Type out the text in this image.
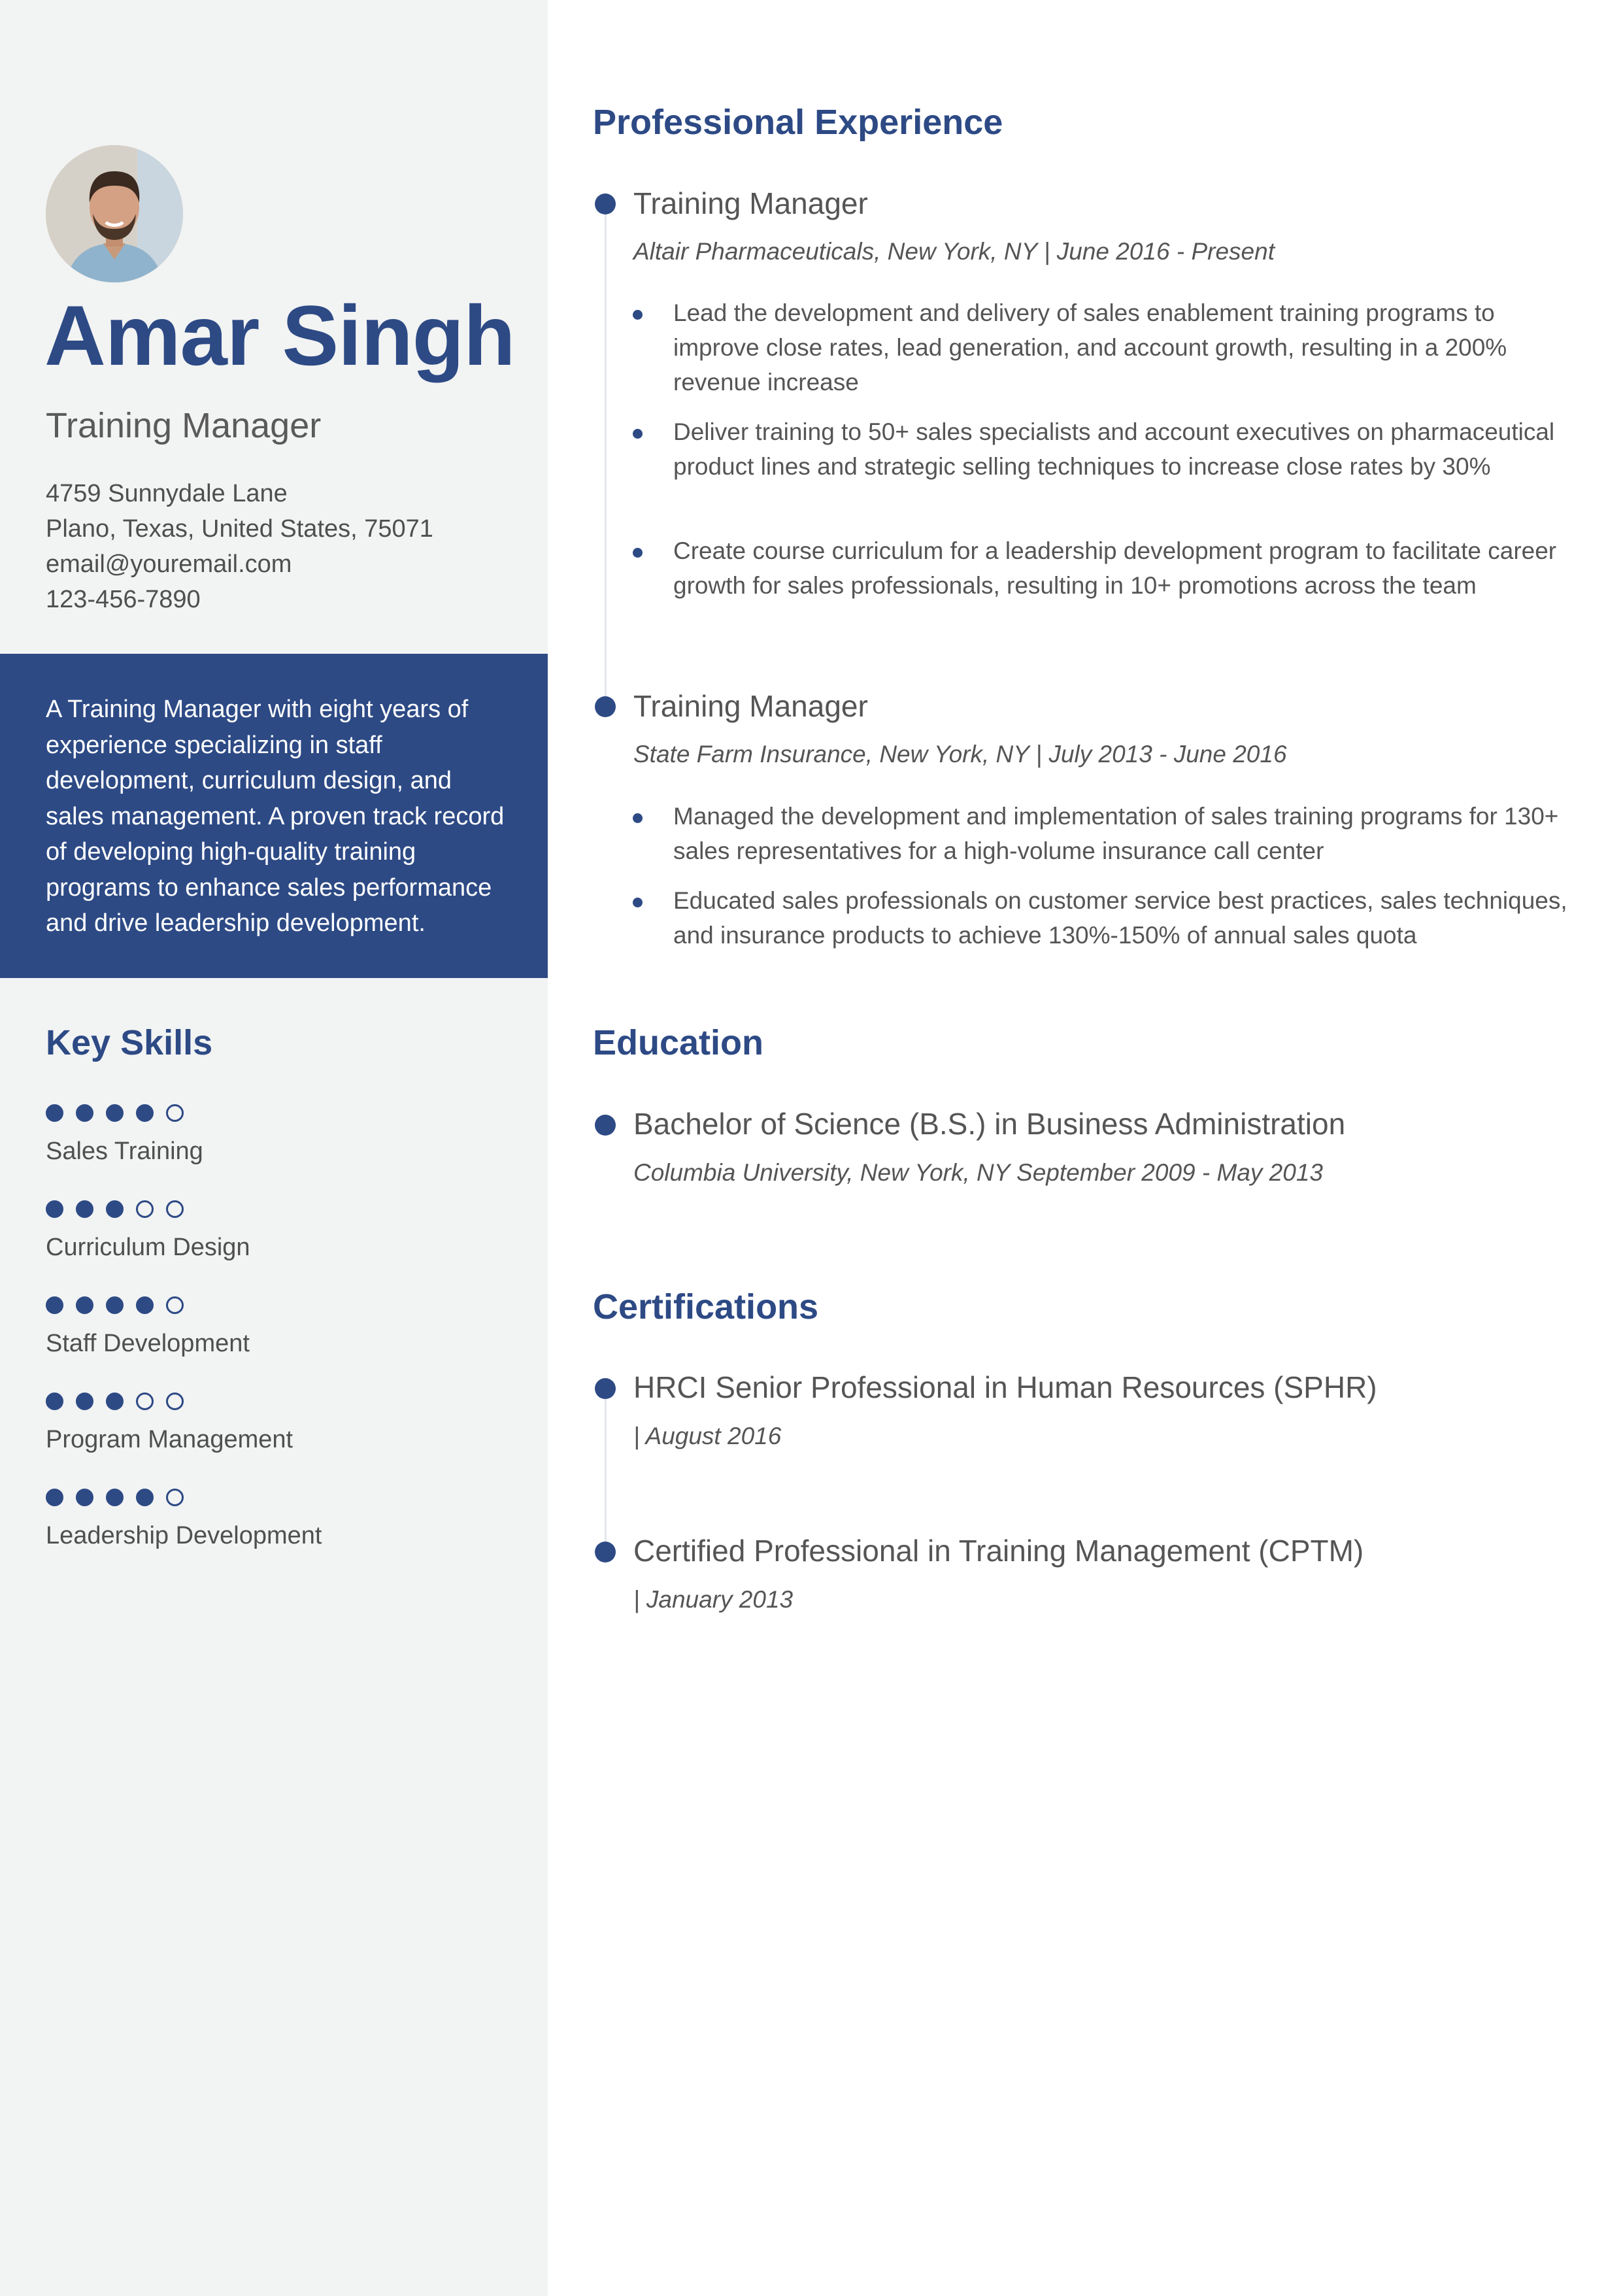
Amar Singh
Training Manager
4759 Sunnydale Lane
Plano, Texas, United States, 75071
email@youremail.com
123-456-7890
A Training Manager with eight years of experience specializing in staff development, curriculum design, and sales management. A proven track record of developing high-quality training programs to enhance sales performance and drive leadership development.
Key Skills
Sales Training
Curriculum Design
Staff Development
Program Management
Leadership Development
Professional Experience
Training Manager
Altair Pharmaceuticals, New York, NY | June 2016 - Present
Lead the development and delivery of sales enablement training programs to improve close rates, lead generation, and account growth, resulting in a 200% revenue increase
Deliver training to 50+ sales specialists and account executives on pharmaceutical product lines and strategic selling techniques to increase close rates by 30%
Create course curriculum for a leadership development program to facilitate career growth for sales professionals, resulting in 10+ promotions across the team
Training Manager
State Farm Insurance, New York, NY | July 2013 - June 2016
Managed the development and implementation of sales training programs for 130+ sales representatives for a high-volume insurance call center
Educated sales professionals on customer service best practices, sales techniques, and insurance products to achieve 130%-150% of annual sales quota
Education
Bachelor of Science (B.S.) in Business Administration
Columbia University, New York, NY September 2009 - May 2013
Certifications
HRCI Senior Professional in Human Resources (SPHR)
| August 2016
Certified Professional in Training Management (CPTM)
| January 2013
